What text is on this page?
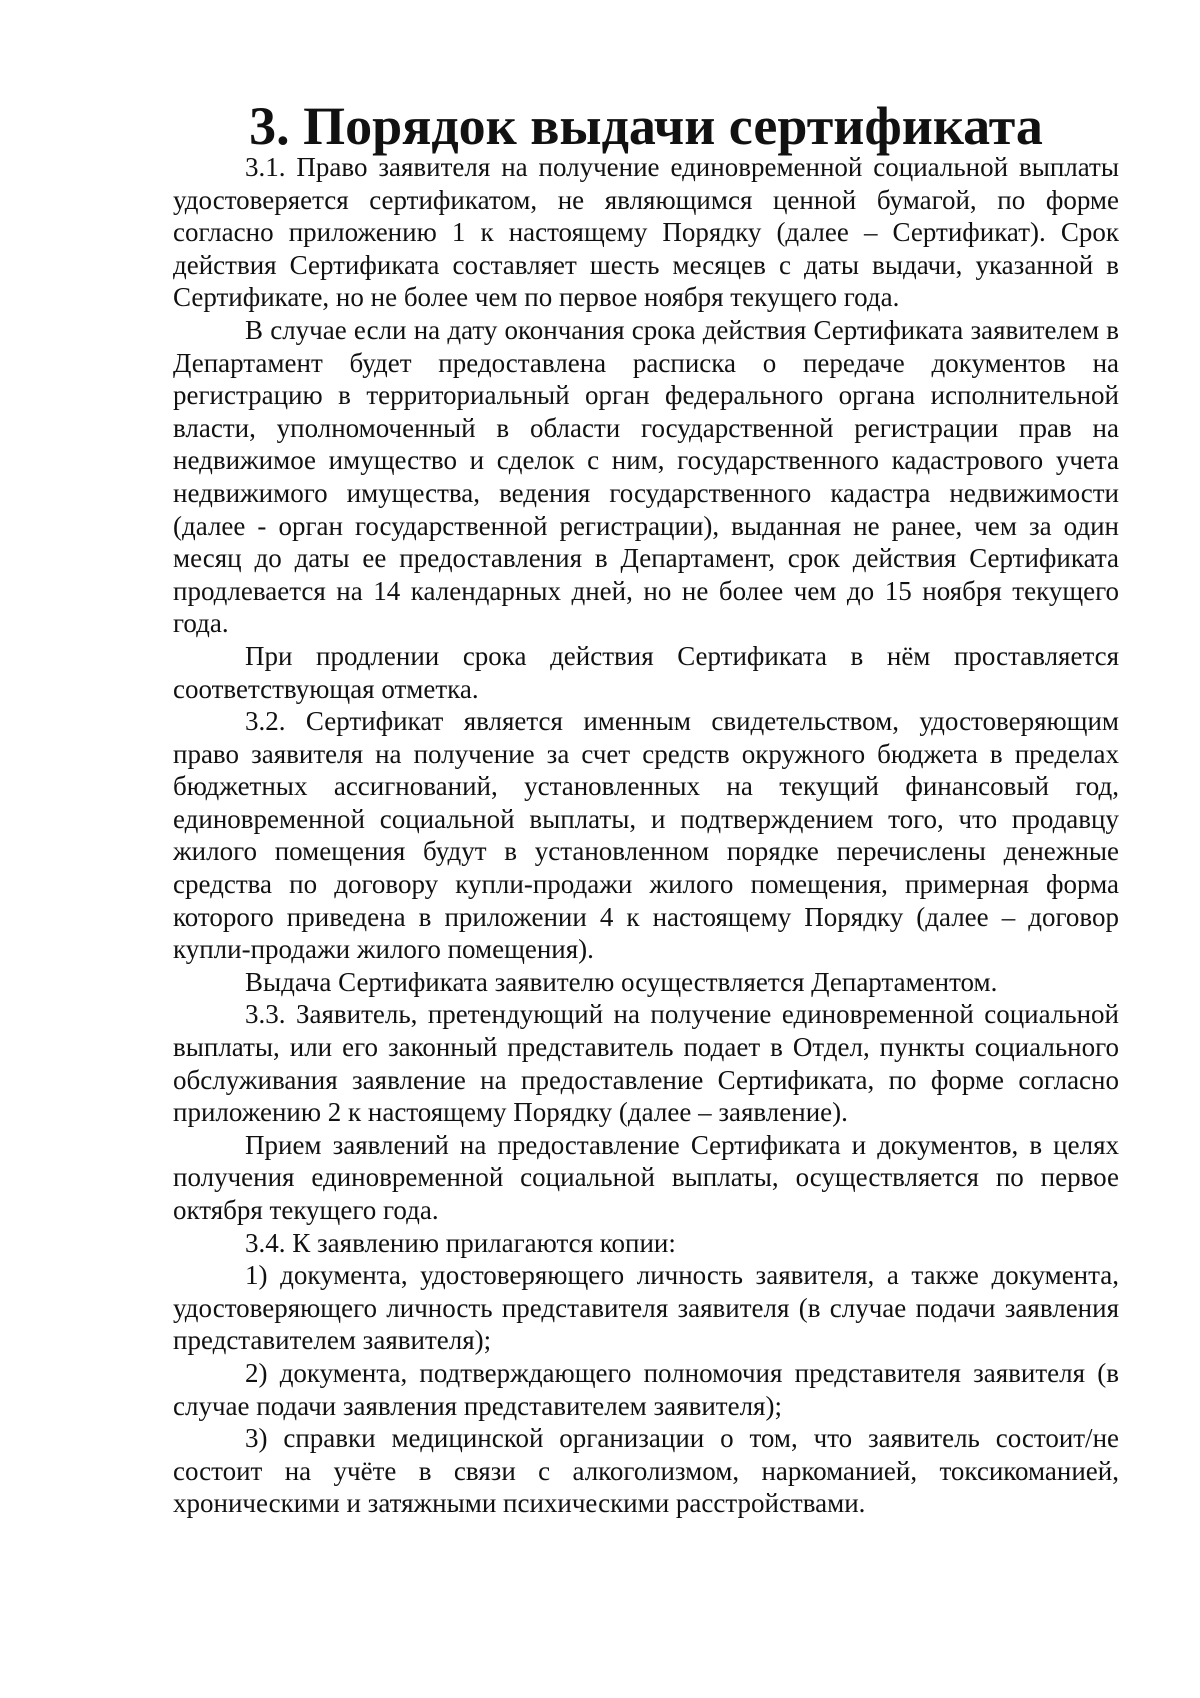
3. Порядок выдачи сертификата

3.1. Право заявителя на получение единовременной социальной выплаты удостоверяется сертификатом, не являющимся ценной бумагой, по форме согласно приложению 1 к настоящему Порядку (далее – Сертификат). Срок действия Сертификата составляет шесть месяцев с даты выдачи, указанной в Сертификате, но не более чем по первое ноября текущего года.

В случае если на дату окончания срока действия Сертификата заявителем в Департамент будет предоставлена расписка о передаче документов на регистрацию в территориальный орган федерального органа исполнительной власти, уполномоченный в области государственной регистрации прав на недвижимое имущество и сделок с ним, государственного кадастрового учета недвижимого имущества, ведения государственного кадастра недвижимости (далее - орган государственной регистрации), выданная не ранее, чем за один месяц до даты ее предоставления в Департамент, срок действия Сертификата продлевается на 14 календарных дней, но не более чем до 15 ноября текущего года.

При продлении срока действия Сертификата в нём проставляется соответствующая отметка.

3.2. Сертификат является именным свидетельством, удостоверяющим право заявителя на получение за счет средств окружного бюджета в пределах бюджетных ассигнований, установленных на текущий финансовый год, единовременной социальной выплаты, и подтверждением того, что продавцу жилого помещения будут в установленном порядке перечислены денежные средства по договору купли-продажи жилого помещения, примерная форма которого приведена в приложении 4 к настоящему Порядку (далее – договор купли-продажи жилого помещения).

Выдача Сертификата заявителю осуществляется Департаментом.

3.3. Заявитель, претендующий на получение единовременной социальной выплаты, или его законный представитель подает в Отдел, пункты социального обслуживания заявление на предоставление Сертификата, по форме согласно приложению 2 к настоящему Порядку (далее – заявление).

Прием заявлений на предоставление Сертификата и документов, в целях получения единовременной социальной выплаты, осуществляется по первое октября текущего года.

3.4. К заявлению прилагаются копии:

1) документа, удостоверяющего личность заявителя, а также документа, удостоверяющего личность представителя заявителя (в случае подачи заявления представителем заявителя);

2) документа, подтверждающего полномочия представителя заявителя (в случае подачи заявления представителем заявителя);

3) справки медицинской организации о том, что заявитель состоит/не состоит на учёте в связи с алкоголизмом, наркоманией, токсикоманией, хроническими и затяжными психическими расстройствами.
